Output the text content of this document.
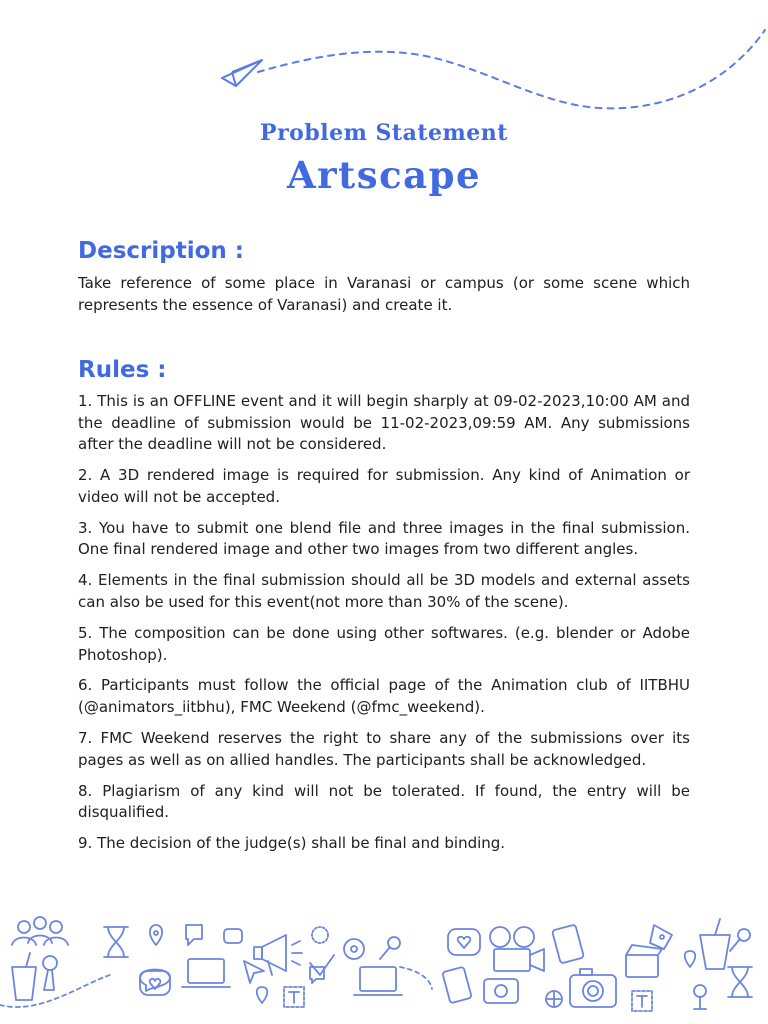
Problem Statement
Artscape
Description :

Take reference of some place in Varanasi or campus (or some scene which represents the essence of Varanasi) and create it.

Rules :
1. This is an OFFLINE event and it will begin sharply at 09-02-2023,10:00 AM and the deadline of submission would be 11-02-2023,09:59 AM. Any submissions after the deadline will not be considered.
2. A 3D rendered image is required for submission. Any kind of Animation or video will not be accepted.
3. You have to submit one blend file and three images in the final submission. One final rendered image and other two images from two different angles.
4. Elements in the final submission should all be 3D models and external assets can also be used for this event(not more than 30% of the scene).
5. The composition can be done using other softwares. (e.g. blender or Adobe Photoshop).
6. Participants must follow the official page of the Animation club of IITBHU (@animators_iitbhu), FMC Weekend (@fmc_weekend).
7. FMC Weekend reserves the right to share any of the submissions over its pages as well as on allied handles. The participants shall be acknowledged.
8. Plagiarism of any kind will not be tolerated. If found, the entry will be disqualified.
9. The decision of the judge(s) shall be final and binding.
